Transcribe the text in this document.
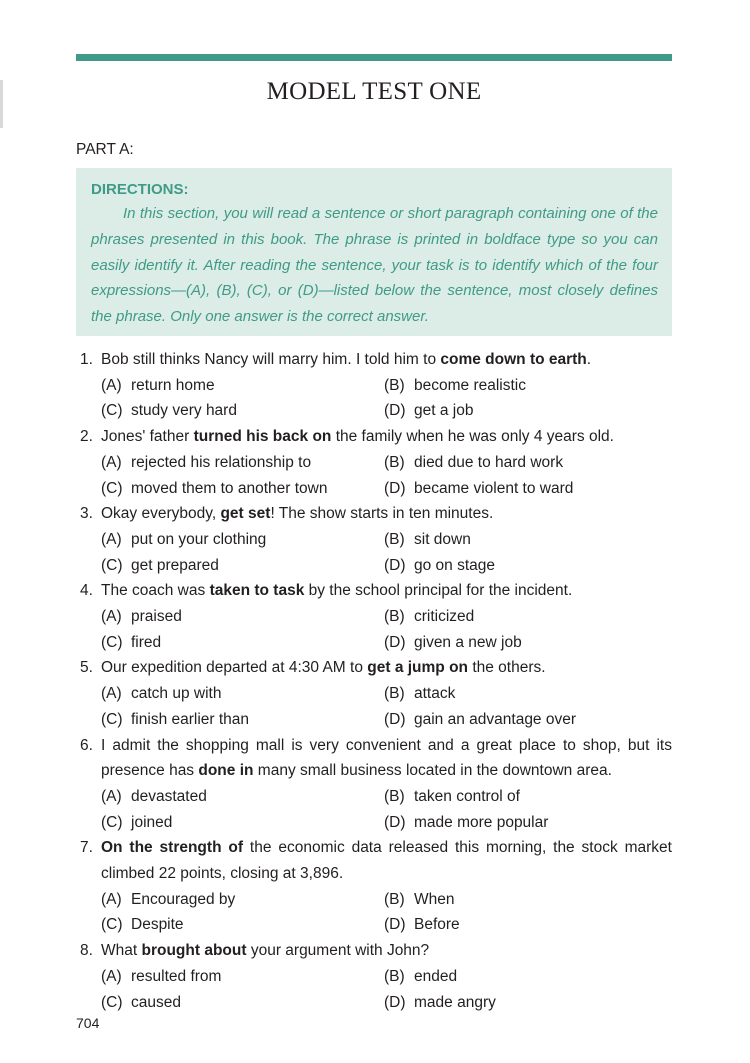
MODEL TEST ONE
PART A:
DIRECTIONS:
In this section, you will read a sentence or short paragraph containing one of the phrases presented in this book. The phrase is printed in boldface type so you can easily identify it. After reading the sentence, your task is to identify which of the four expressions—(A), (B), (C), or (D)—listed below the sentence, most closely defines the phrase. Only one answer is the correct answer.
1. Bob still thinks Nancy will marry him. I told him to come down to earth.
(A) return home	(B) become realistic
(C) study very hard	(D) get a job
2. Jones' father turned his back on the family when he was only 4 years old.
(A) rejected his relationship to	(B) died due to hard work
(C) moved them to another town	(D) became violent to ward
3. Okay everybody, get set! The show starts in ten minutes.
(A) put on your clothing	(B) sit down
(C) get prepared	(D) go on stage
4. The coach was taken to task by the school principal for the incident.
(A) praised	(B) criticized
(C) fired	(D) given a new job
5. Our expedition departed at 4:30 AM to get a jump on the others.
(A) catch up with	(B) attack
(C) finish earlier than	(D) gain an advantage over
6. I admit the shopping mall is very convenient and a great place to shop, but its presence has done in many small business located in the downtown area.
(A) devastated	(B) taken control of
(C) joined	(D) made more popular
7. On the strength of the economic data released this morning, the stock market climbed 22 points, closing at 3,896.
(A) Encouraged by	(B) When
(C) Despite	(D) Before
8. What brought about your argument with John?
(A) resulted from	(B) ended
(C) caused	(D) made angry
704
